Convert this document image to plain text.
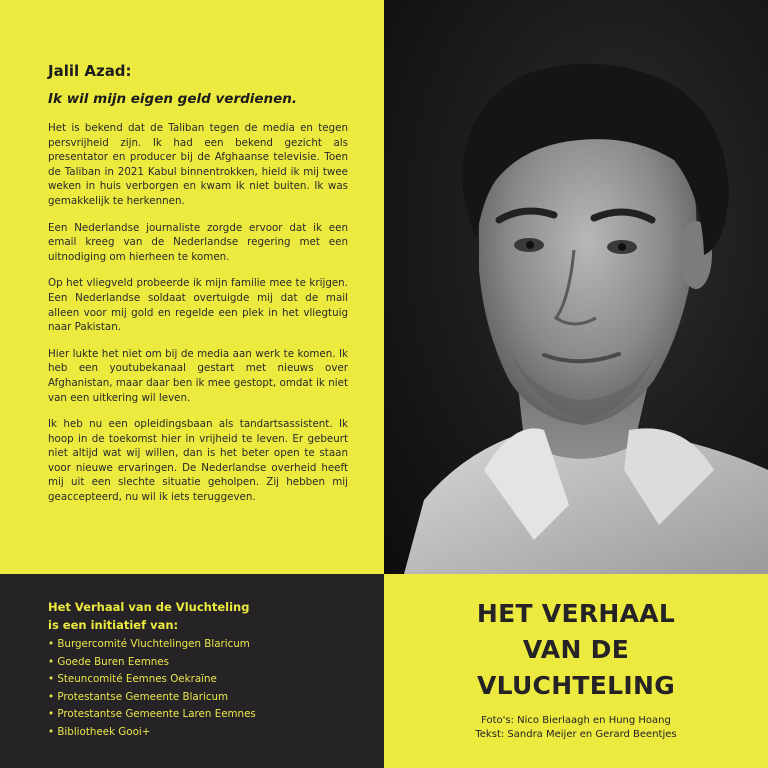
Jalil Azad:
Ik wil mijn eigen geld verdienen.

Het is bekend dat de Taliban tegen de media en tegen persvrijheid zijn. Ik had een bekend gezicht als presentator en producer bij de Afghaanse televisie. Toen de Taliban in 2021 Kabul binnentrokken, hield ik mij twee weken in huis verborgen en kwam ik niet buiten. Ik was gemakkelijk te herkennen.

Een Nederlandse journaliste zorgde ervoor dat ik een email kreeg van de Nederlandse regering met een uitnodiging om hierheen te komen.

Op het vliegveld probeerde ik mijn familie mee te krijgen. Een Nederlandse soldaat overtuigde mij dat de mail alleen voor mij gold en regelde een plek in het vliegtuig naar Pakistan.

Hier lukte het niet om bij de media aan werk te komen. Ik heb een youtubekanaal gestart met nieuws over Afghanistan, maar daar ben ik mee gestopt, omdat ik niet van een uitkering wil leven.

Ik heb nu een opleidingsbaan als tandartsassistent. Ik hoop in de toekomst hier in vrijheid te leven. Er gebeurt niet altijd wat wij willen, dan is het beter open te staan voor nieuwe ervaringen. De Nederlandse overheid heeft mij uit een slechte situatie geholpen. Zij hebben mij geaccepteerd, nu wil ik iets teruggeven.

Het Verhaal van de Vluchteling

is een initiatief van:

• Burgercomité Vluchtelingen Blaricum
• Goede Buren Eemnes
• Steuncomité Eemnes Oekraïne
• Protestantse Gemeente Blaricum
• Protestantse Gemeente Laren Eemnes
• Bibliotheek Gooi+

HET VERHAAL

VAN DE

VLUCHTELING

Foto's: Nico Bierlaagh en Hung Hoang
Tekst: Sandra Meijer en Gerard Beentjes
